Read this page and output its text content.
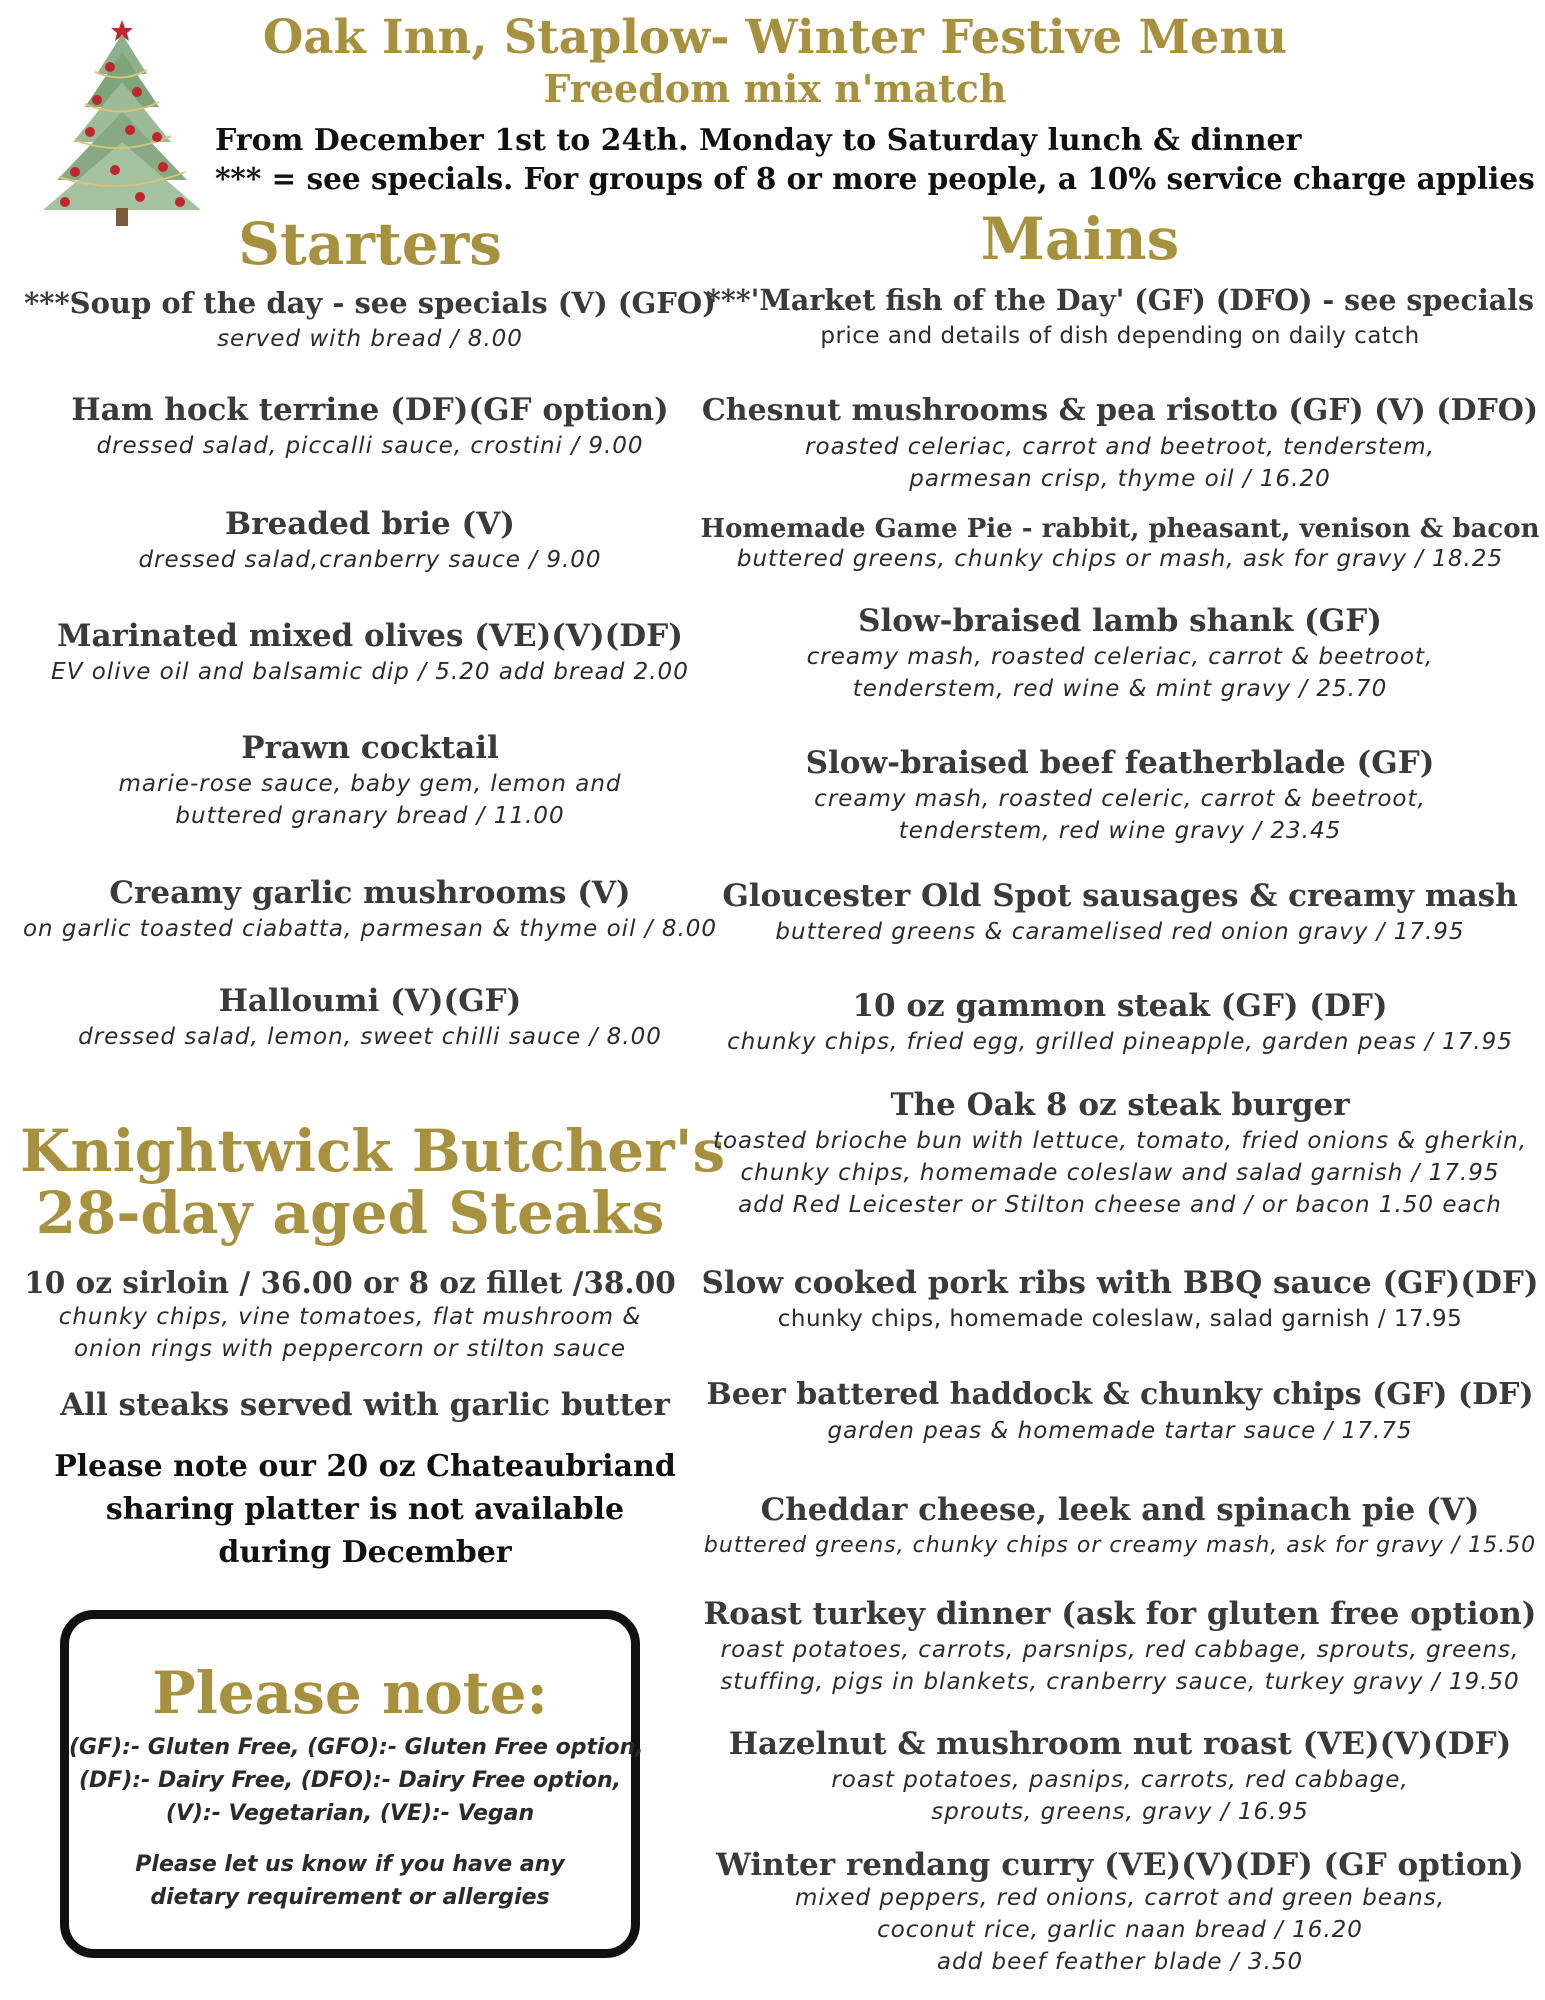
Oak Inn, Staplow- Winter Festive Menu
Freedom mix n'match
From December 1st to 24th. Monday to Saturday lunch & dinner
*** = see specials. For groups of 8 or more people, a 10% service charge applies
Starters	Mains
***Soup of the day - see specials (V) (GFO)
served with bread / 8.00
Ham hock terrine (DF)(GF option)
dressed salad, piccalli sauce, crostini / 9.00
Breaded brie (V)
dressed salad,cranberry sauce / 9.00
Marinated mixed olives (VE)(V)(DF)
EV olive oil and balsamic dip / 5.20 add bread 2.00
Prawn cocktail
marie-rose sauce, baby gem, lemon and
buttered granary bread / 11.00
Creamy garlic mushrooms (V)
on garlic toasted ciabatta, parmesan & thyme oil / 8.00
Halloumi (V)(GF)
dressed salad, lemon, sweet chilli sauce / 8.00
Knightwick Butcher's
28-day aged Steaks
10 oz sirloin / 36.00 or 8 oz fillet /38.00
chunky chips, vine tomatoes, flat mushroom &
onion rings with peppercorn or stilton sauce
All steaks served with garlic butter
Please note our 20 oz Chateaubriand
sharing platter is not available
during December
Please note:
(GF):- Gluten Free, (GFO):- Gluten Free option,
(DF):- Dairy Free, (DFO):- Dairy Free option,
(V):- Vegetarian, (VE):- Vegan
Please let us know if you have any
dietary requirement or allergies
***'Market fish of the Day' (GF) (DFO) - see specials
price and details of dish depending on daily catch
Chesnut mushrooms & pea risotto (GF) (V) (DFO)
roasted celeriac, carrot and beetroot, tenderstem,
parmesan crisp, thyme oil / 16.20
Homemade Game Pie - rabbit, pheasant, venison & bacon
buttered greens, chunky chips or mash, ask for gravy / 18.25
Slow-braised lamb shank (GF)
creamy mash, roasted celeriac, carrot & beetroot,
tenderstem, red wine & mint gravy / 25.70
Slow-braised beef featherblade (GF)
creamy mash, roasted celeric, carrot & beetroot,
tenderstem, red wine gravy / 23.45
Gloucester Old Spot sausages & creamy mash
buttered greens & caramelised red onion gravy / 17.95
10 oz gammon steak (GF) (DF)
chunky chips, fried egg, grilled pineapple, garden peas / 17.95
The Oak 8 oz steak burger
toasted brioche bun with lettuce, tomato, fried onions & gherkin,
chunky chips, homemade coleslaw and salad garnish / 17.95
add Red Leicester or Stilton cheese and / or bacon 1.50 each
Slow cooked pork ribs with BBQ sauce (GF)(DF)
chunky chips, homemade coleslaw, salad garnish / 17.95
Beer battered haddock & chunky chips (GF) (DF)
garden peas & homemade tartar sauce / 17.75
Cheddar cheese, leek and spinach pie (V)
buttered greens, chunky chips or creamy mash, ask for gravy / 15.50
Roast turkey dinner (ask for gluten free option)
roast potatoes, carrots, parsnips, red cabbage, sprouts, greens,
stuffing, pigs in blankets, cranberry sauce, turkey gravy / 19.50
Hazelnut & mushroom nut roast (VE)(V)(DF)
roast potatoes, pasnips, carrots, red cabbage,
sprouts, greens, gravy / 16.95
Winter rendang curry (VE)(V)(DF) (GF option)
mixed peppers, red onions, carrot and green beans,
coconut rice, garlic naan bread / 16.20
add beef feather blade / 3.50
